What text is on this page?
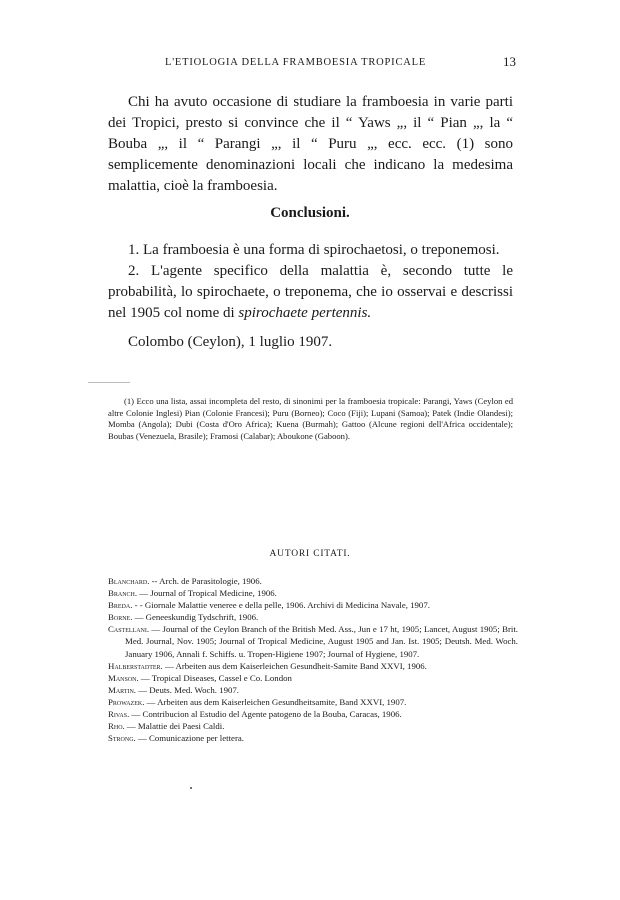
L'ETIOLOGIA DELLA FRAMBOESIA TROPICALE	13

Chi ha avuto occasione di studiare la framboesia in varie parti dei Tropici, presto si convince che il “ Yaws „, il “ Pian „, la “ Bouba „, il “ Parangi „, il “ Puru „, ecc. ecc. (1) sono semplicemente denominazioni locali che indicano la medesima malattia, cioè la framboesia.

Conclusioni.

1. La framboesia è una forma di spirochaetosi, o treponemosi.

2. L'agente specifico della malattia è, secondo tutte le probabilità, lo spirochaete, o treponema, che io osservai e descrissi nel 1905 col nome di spirochaete pertennis.

Colombo (Ceylon), 1 luglio 1907.

(1) Ecco una lista, assai incompleta del resto, di sinonimi per la framboesia tropicale: Parangi, Yaws (Ceylon ed altre Colonie Inglesi) Pian (Colonie Francesi); Puru (Borneo); Coco (Fiji); Lupani (Samoa); Patek (Indie Olandesi); Momba (Angola); Dubi (Costa d'Oro Africa); Kuena (Burmah); Gattoo (Alcune regioni dell'Africa occidentale); Boubas (Venezuela, Brasile); Framosi (Calabar); Aboukone (Gaboon).

AUTORI CITATI.
Blanchard. -- Arch. de Parasitologie, 1906.
Branch. — Journal of Tropical Medicine, 1906.
Breda. - - Giornale Malattie veneree e della pelle, 1906. Archivi di Medicina Navale, 1907.
Borne. — Geneeskundig Tydschrift, 1906.
Castellani. — Journal of the Ceylon Branch of the British Med. Ass., Jun e 17 ht, 1905; Lancet, August 1905; Brit. Med. Journal, Nov. 1905; Journal of Tropical Medicine, August 1905 and Jan. Ist. 1905; Deutsh. Med. Woch. January 1906, Annali f. Schiffs. u. Tropen-Higiene 1907; Journal of Hygiene, 1907.
Halberstadter. — Arbeiten aus dem Kaiserleichen Gesundheit-Samite Band XXVI, 1906.
Manson. — Tropical Diseases, Cassel e Co. London
Martin. — Deuts. Med. Woch. 1907.
Prowazek. — Arbeiten aus dem Kaiserleichen Gesundheitsamite, Band XXVI, 1907.
Rivas. — Contribucion al Estudio del Agente patogeno de la Bouba, Caracas, 1906.
Rho. — Malattie dei Paesi Caldi.
Strong. — Comunicazione per lettera.
